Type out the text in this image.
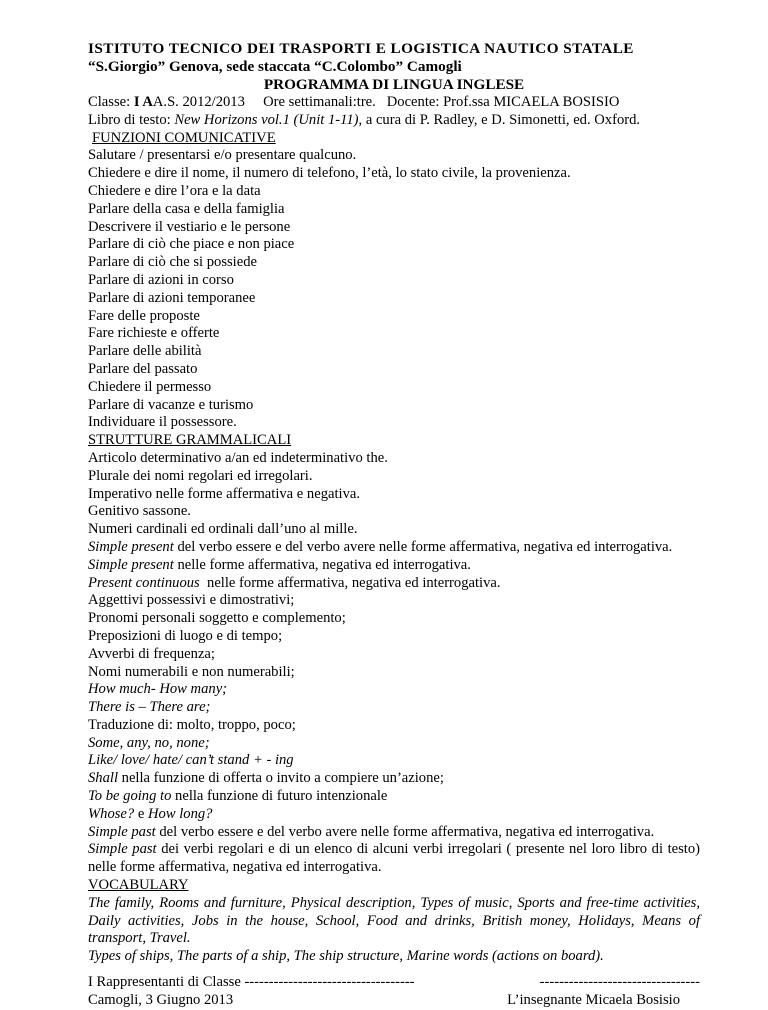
ISTITUTO TECNICO DEI TRASPORTI E LOGISTICA NAUTICO STATALE
“S.Giorgio” Genova, sede staccata “C.Colombo” Camogli
PROGRAMMA DI LINGUA INGLESE
Classe: I AA.S. 2012/2013     Ore settimanali:tre.   Docente: Prof.ssa MICAELA BOSISIO
Libro di testo: New Horizons vol.1 (Unit 1-11), a cura di P. Radley, e D. Simonetti, ed. Oxford.
FUNZIONI COMUNICATIVE
Salutare / presentarsi e/o presentare qualcuno.
Chiedere e dire il nome, il numero di telefono, l’età, lo stato civile, la provenienza.
Chiedere e dire l’ora e la data
Parlare della casa e della famiglia
Descrivere il vestiario e le persone
Parlare di ciò che piace e non piace
Parlare di ciò che si possiede
Parlare di azioni in corso
Parlare di azioni temporanee
Fare delle proposte
Fare richieste e offerte
Parlare delle abilità
Parlare del passato
Chiedere il permesso
Parlare di vacanze e turismo
Individuare il possessore.
STRUTTURE GRAMMALICALI
Articolo determinativo a/an ed indeterminativo the.
Plurale dei nomi regolari ed irregolari.
Imperativo nelle forme affermativa e negativa.
Genitivo sassone.
Numeri cardinali ed ordinali dall’uno al mille.
Simple present del verbo essere e del verbo avere nelle forme affermativa, negativa ed interrogativa.
Simple present nelle forme affermativa, negativa ed interrogativa.
Present continuous  nelle forme affermativa, negativa ed interrogativa.
Aggettivi possessivi e dimostrativi;
Pronomi personali soggetto e complemento;
Preposizioni di luogo e di tempo;
Avverbi di frequenza;
Nomi numerabili e non numerabili;
How much- How many;
There is – There are;
Traduzione di: molto, troppo, poco;
Some, any, no, none;
Like/ love/ hate/ can’t stand + - ing
Shall nella funzione di offerta o invito a compiere un’azione;
To be going to nella funzione di futuro intenzionale
Whose? e How long?
Simple past del verbo essere e del verbo avere nelle forme affermativa, negativa ed interrogativa.
Simple past dei verbi regolari e di un elenco di alcuni verbi irregolari ( presente nel loro libro di testo) nelle forme affermativa, negativa ed interrogativa.
VOCABULARY
The family, Rooms and furniture, Physical description, Types of music, Sports and free-time activities, Daily activities, Jobs in the house, School, Food and drinks, British money, Holidays, Means of transport, Travel.
Types of ships, The parts of a ship, The ship structure, Marine words (actions on board).
I Rappresentanti di Classe -----------------------------------	---------------------------------
Camogli, 3 Giugno 2013	L’insegnante Micaela Bosisio
